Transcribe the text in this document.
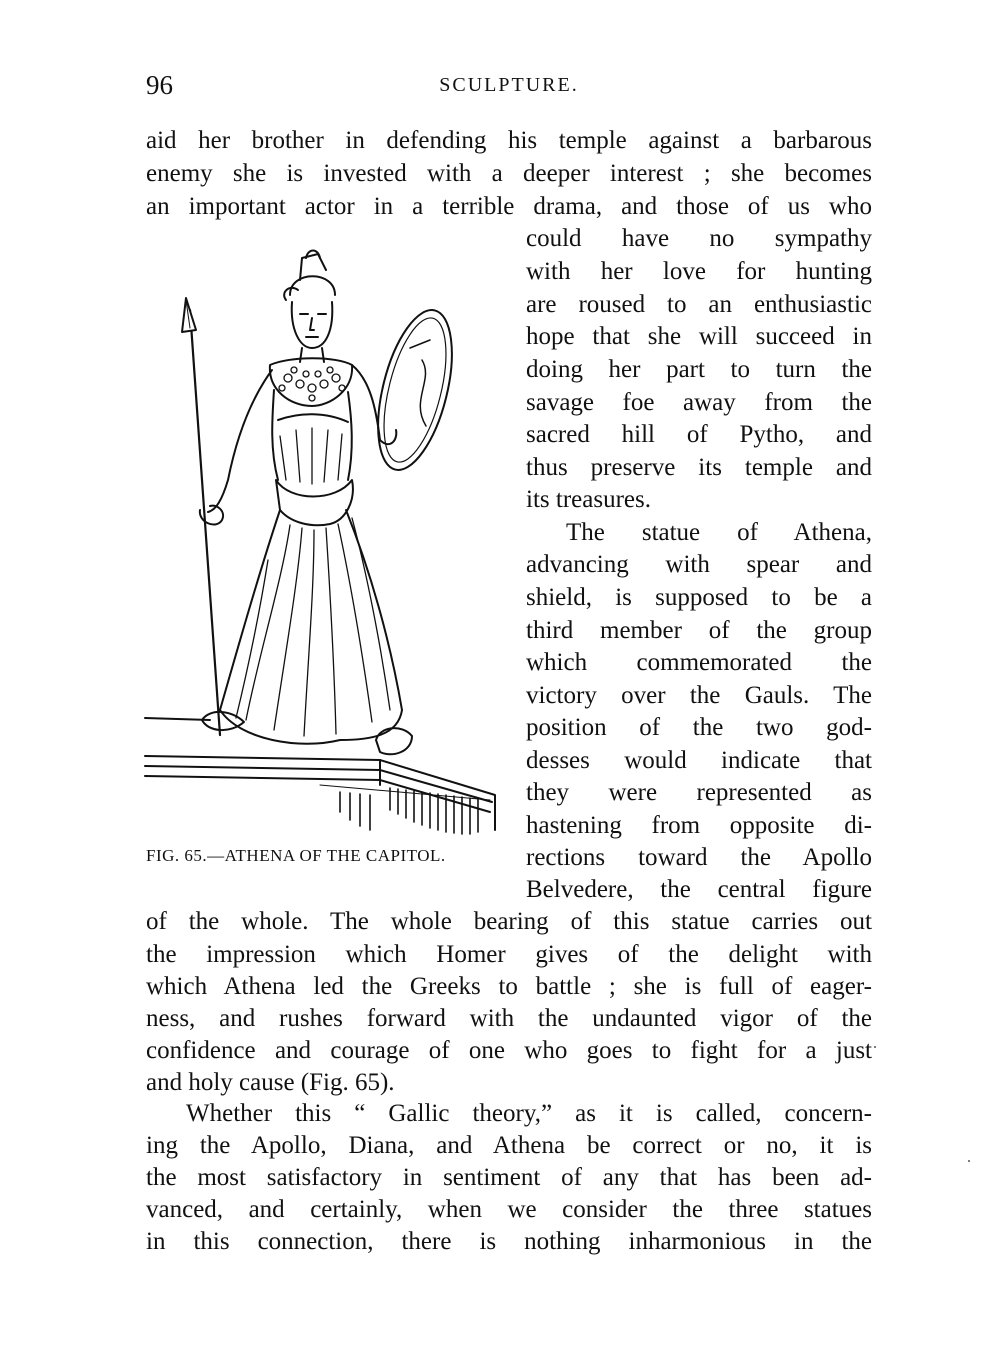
96	SCULPTURE.
aid her brother in defending his temple against a barbarous
enemy she is invested with a deeper interest ; she becomes
an important actor in a terrible drama, and those of us who
could have no sympathy
with her love for hunting
are roused to an enthusiastic
hope that she will succeed in
doing her part to turn the
savage foe away from the
sacred hill of Pytho, and
thus preserve its temple and
its treasures.
The statue of Athena,
advancing with spear and
shield, is supposed to be a
third member of the group
which commemorated the
victory over the Gauls. The
position of the two god-
desses would indicate that
they were represented as
hastening from opposite di-
rections toward the Apollo
Belvedere, the central figure
of the whole. The whole bearing of this statue carries out
the impression which Homer gives of the delight with
which Athena led the Greeks to battle ; she is full of eager-
ness, and rushes forward with the undaunted vigor of the
confidence and courage of one who goes to fight for a just
and holy cause (Fig. 65).
Whether this “ Gallic theory,” as it is called, concern-
ing the Apollo, Diana, and Athena be correct or no, it is
the most satisfactory in sentiment of any that has been ad-
vanced, and certainly, when we consider the three statues
in this connection, there is nothing inharmonious in the
FIG. 65.—ATHENA OF THE CAPITOL.
